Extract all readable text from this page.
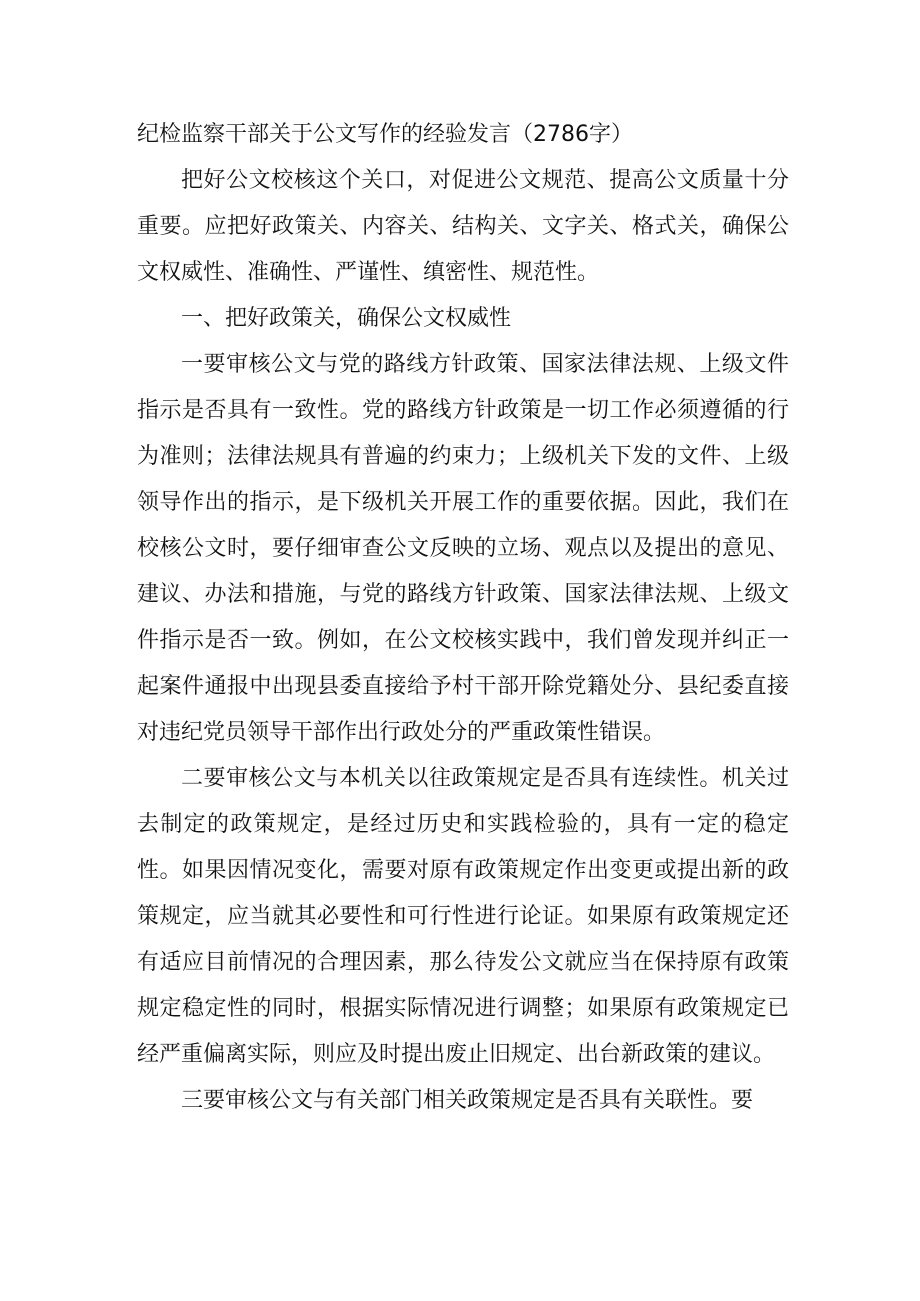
纪检监察干部关于公文写作的经验发言（2786字）

把好公文校核这个关口，对促进公文规范、提高公文质量十分重要。应把好政策关、内容关、结构关、文字关、格式关，确保公文权威性、准确性、严谨性、缜密性、规范性。

一、把好政策关，确保公文权威性

一要审核公文与党的路线方针政策、国家法律法规、上级文件指示是否具有一致性。党的路线方针政策是一切工作必须遵循的行为准则；法律法规具有普遍的约束力；上级机关下发的文件、上级领导作出的指示，是下级机关开展工作的重要依据。因此，我们在校核公文时，要仔细审查公文反映的立场、观点以及提出的意见、建议、办法和措施，与党的路线方针政策、国家法律法规、上级文件指示是否一致。例如，在公文校核实践中，我们曾发现并纠正一起案件通报中出现县委直接给予村干部开除党籍处分、县纪委直接对违纪党员领导干部作出行政处分的严重政策性错误。

二要审核公文与本机关以往政策规定是否具有连续性。机关过去制定的政策规定，是经过历史和实践检验的，具有一定的稳定性。如果因情况变化，需要对原有政策规定作出变更或提出新的政策规定，应当就其必要性和可行性进行论证。如果原有政策规定还有适应目前情况的合理因素，那么待发公文就应当在保持原有政策规定稳定性的同时，根据实际情况进行调整；如果原有政策规定已经严重偏离实际，则应及时提出废止旧规定、出台新政策的建议。

三要审核公文与有关部门相关政策规定是否具有关联性。要
